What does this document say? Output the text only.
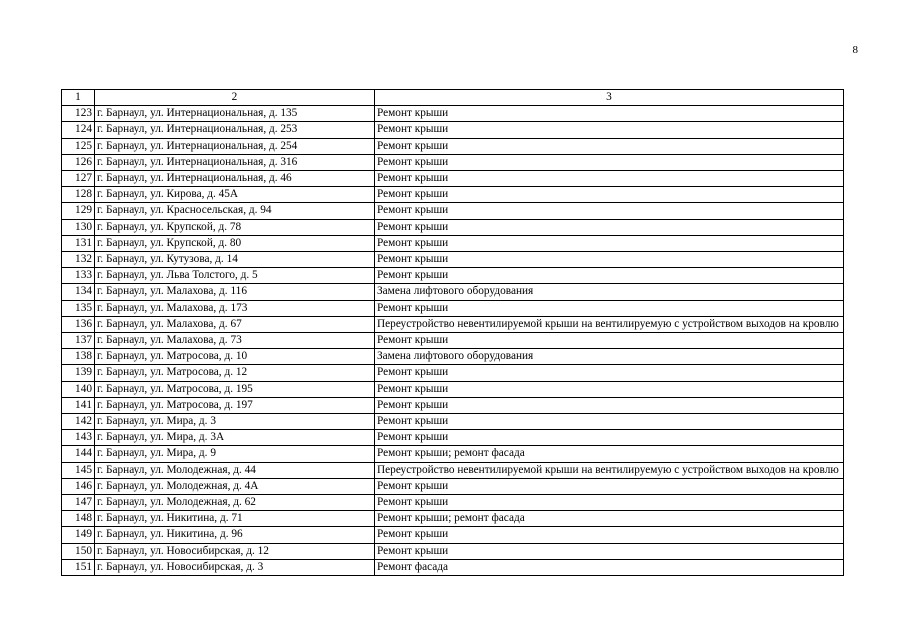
8
1	2	3
123	г. Барнаул, ул. Интернациональная, д. 135	Ремонт крыши
124	г. Барнаул, ул. Интернациональная, д. 253	Ремонт крыши
125	г. Барнаул, ул. Интернациональная, д. 254	Ремонт крыши
126	г. Барнаул, ул. Интернациональная, д. 316	Ремонт крыши
127	г. Барнаул, ул. Интернациональная, д. 46	Ремонт крыши
128	г. Барнаул, ул. Кирова, д. 45А	Ремонт крыши
129	г. Барнаул, ул. Красносельская, д. 94	Ремонт крыши
130	г. Барнаул, ул. Крупской, д. 78	Ремонт крыши
131	г. Барнаул, ул. Крупской, д. 80	Ремонт крыши
132	г. Барнаул, ул. Кутузова, д. 14	Ремонт крыши
133	г. Барнаул, ул. Льва Толстого, д. 5	Ремонт крыши
134	г. Барнаул, ул. Малахова, д. 116	Замена лифтового оборудования
135	г. Барнаул, ул. Малахова, д. 173	Ремонт крыши
136	г. Барнаул, ул. Малахова, д. 67	Переустройство невентилируемой крыши на вентилируемую с устройством выходов на кровлю
137	г. Барнаул, ул. Малахова, д. 73	Ремонт крыши
138	г. Барнаул, ул. Матросова, д. 10	Замена лифтового оборудования
139	г. Барнаул, ул. Матросова, д. 12	Ремонт крыши
140	г. Барнаул, ул. Матросова, д. 195	Ремонт крыши
141	г. Барнаул, ул. Матросова, д. 197	Ремонт крыши
142	г. Барнаул, ул. Мира, д. 3	Ремонт крыши
143	г. Барнаул, ул. Мира, д. 3А	Ремонт крыши
144	г. Барнаул, ул. Мира, д. 9	Ремонт крыши; ремонт фасада
145	г. Барнаул, ул. Молодежная, д. 44	Переустройство невентилируемой крыши на вентилируемую с устройством выходов на кровлю
146	г. Барнаул, ул. Молодежная, д. 4А	Ремонт крыши
147	г. Барнаул, ул. Молодежная, д. 62	Ремонт крыши
148	г. Барнаул, ул. Никитина, д. 71	Ремонт крыши; ремонт фасада
149	г. Барнаул, ул. Никитина, д. 96	Ремонт крыши
150	г. Барнаул, ул. Новосибирская, д. 12	Ремонт крыши
151	г. Барнаул, ул. Новосибирская, д. 3	Ремонт фасада
